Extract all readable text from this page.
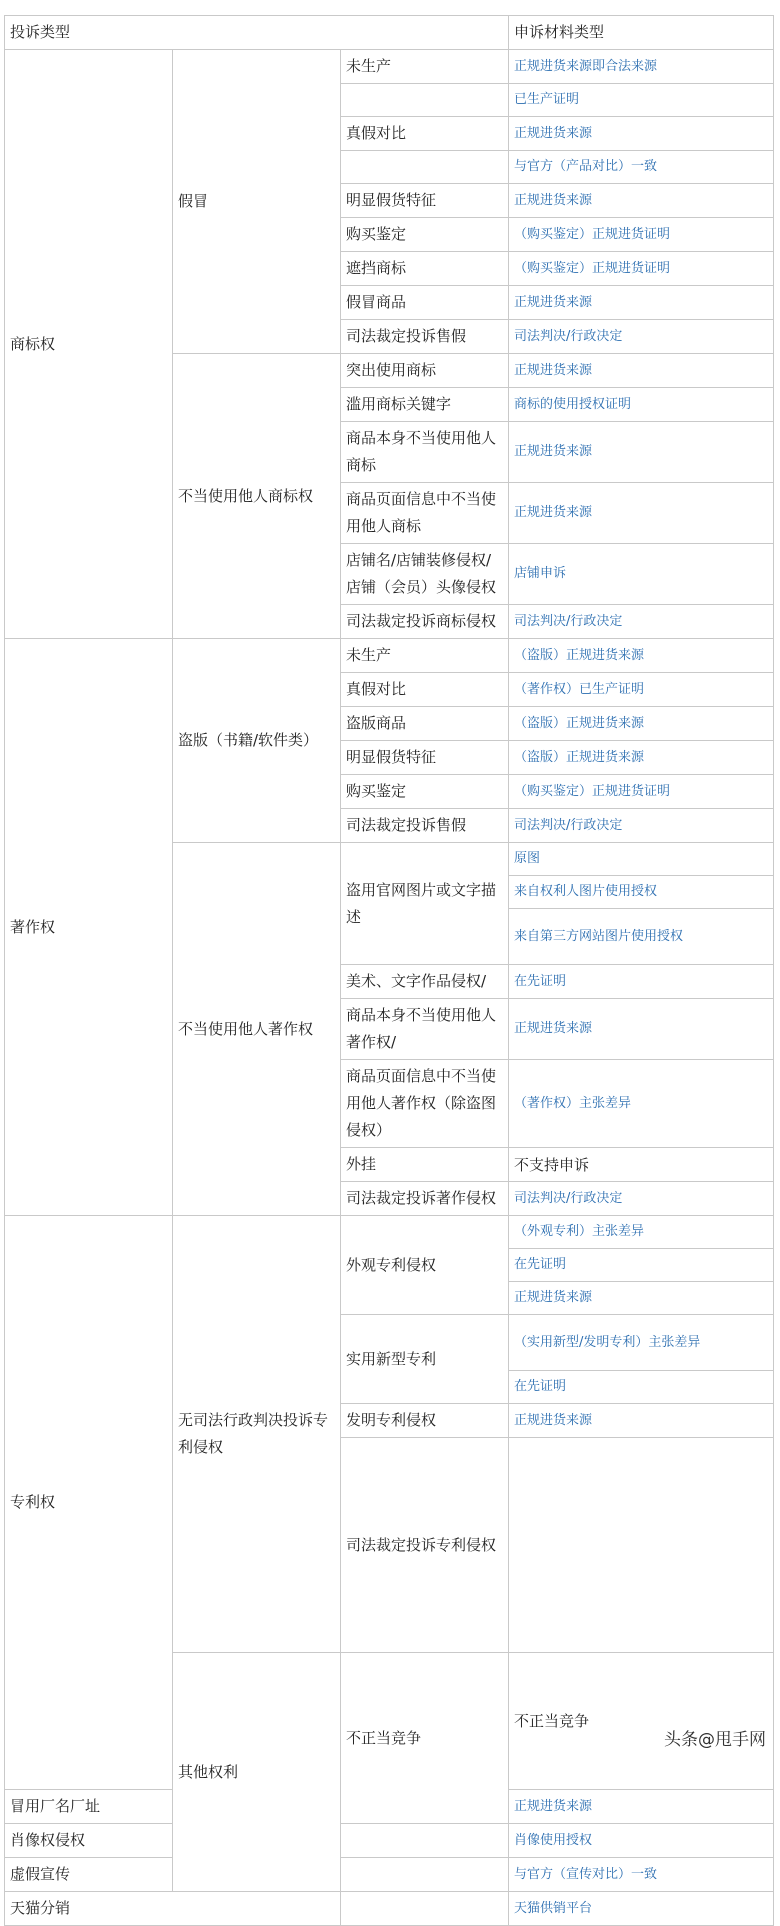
投诉类型			申诉材料类型	
商标权	假冒	未生产	正规进货来源即合法来源	
			已生产证明	
		真假对比	正规进货来源	
			与官方（产品对比）一致	
		明显假货特征	正规进货来源	
		购买鉴定	（购买鉴定）正规进货证明	
		遮挡商标	（购买鉴定）正规进货证明	
		假冒商品	正规进货来源	
		司法裁定投诉售假	司法判决/行政决定	
	不当使用他人商标权	突出使用商标	正规进货来源	
		滥用商标关键字	商标的使用授权证明	
		商品本身不当使用他人商标	正规进货来源	
		商品页面信息中不当使用他人商标	正规进货来源	
		店铺名/店铺装修侵权/店铺（会员）头像侵权	店铺申诉	
		司法裁定投诉商标侵权	司法判决/行政决定	
著作权	盗版（书籍/软件类）	未生产	（盗版）正规进货来源	
		真假对比	（著作权）已生产证明	
		盗版商品	（盗版）正规进货来源	
		明显假货特征	（盗版）正规进货来源	
		购买鉴定	（购买鉴定）正规进货证明	
		司法裁定投诉售假	司法判决/行政决定	
	不当使用他人著作权	盗用官网图片或文字描述	原图	
			来自权利人图片使用授权	
			来自第三方网站图片使用授权	
		美术、文字作品侵权/	在先证明	
		商品本身不当使用他人著作权/	正规进货来源	
		商品页面信息中不当使用他人著作权（除盗图侵权）	（著作权）主张差异	
		外挂	不支持申诉	
		司法裁定投诉著作侵权	司法判决/行政决定	
专利权	无司法行政判决投诉专利侵权	外观专利侵权	（外观专利）主张差异	
			在先证明	
			正规进货来源	
		实用新型专利	（实用新型/发明专利）主张差异	
			在先证明	
		发明专利侵权	正规进货来源	
		司法裁定投诉专利侵权		
	其他权利	不正当竞争	不正当竞争	
冒用厂名厂址			正规进货来源	
肖像权侵权			肖像使用授权	
虚假宣传			与官方（宣传对比）一致	
天猫分销			天猫供销平台	
头条@甩手网
